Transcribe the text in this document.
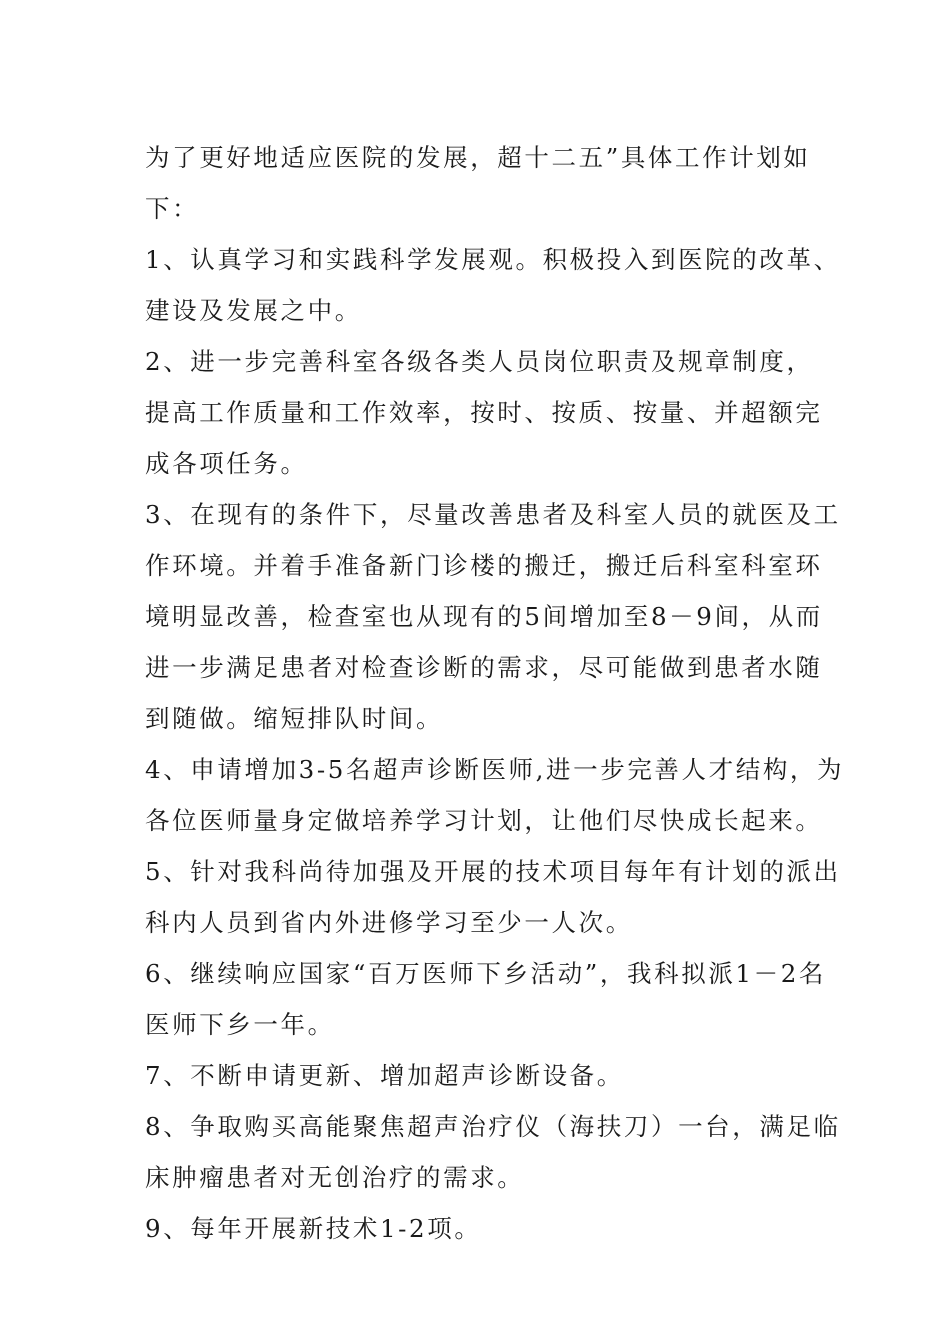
为了更好地适应医院的发展，超十二五”具体工作计划如
下：
1、认真学习和实践科学发展观。积极投入到医院的改革、
建设及发展之中。
2、进一步完善科室各级各类人员岗位职责及规章制度，
提高工作质量和工作效率，按时、按质、按量、并超额完
成各项任务。
3、在现有的条件下，尽量改善患者及科室人员的就医及工
作环境。并着手准备新门诊楼的搬迁，搬迁后科室科室环
境明显改善，检查室也从现有的5间增加至8－9间，从而
进一步满足患者对检查诊断的需求，尽可能做到患者水随
到随做。缩短排队时间。
4、申请增加3-5名超声诊断医师,进一步完善人才结构，为
各位医师量身定做培养学习计划，让他们尽快成长起来。
5、针对我科尚待加强及开展的技术项目每年有计划的派出
科内人员到省内外进修学习至少一人次。
6、继续响应国家“百万医师下乡活动”，我科拟派1－2名
医师下乡一年。
7、不断申请更新、增加超声诊断设备。
8、争取购买高能聚焦超声治疗仪（海扶刀）一台，满足临
床肿瘤患者对无创治疗的需求。
9、每年开展新技术1-2项。
